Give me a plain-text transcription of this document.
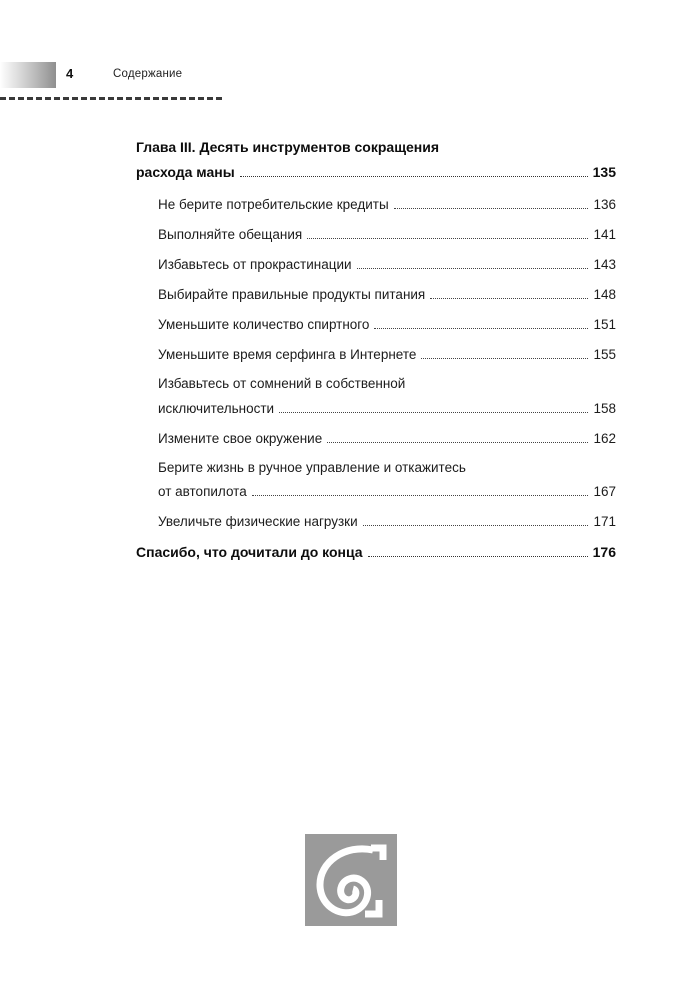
4	Содержание
Глава III. Десять инструментов сокращения
расхода маны	135
Не берите потребительские кредиты	136
Выполняйте обещания	141
Избавьтесь от прокрастинации	143
Выбирайте правильные продукты питания	148
Уменьшите количество спиртного	151
Уменьшите время серфинга в Интернете	155
Избавьтесь от сомнений в собственной
исключительности	158
Измените свое окружение	162
Берите жизнь в ручное управление и откажитесь
от автопилота	167
Увеличьте физические нагрузки	171
Спасибо, что дочитали до конца	176
